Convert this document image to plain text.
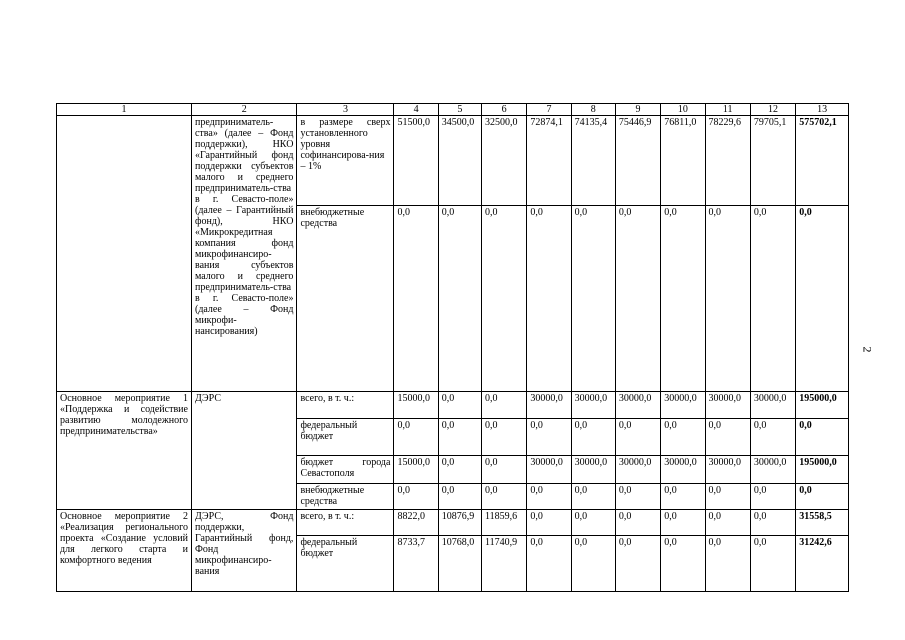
2
1	2	3	4	5	6	7	8	9	10	11	12	13
	предприниматель-ства» (далее – Фонд поддержки), НКО «Гарантийный фонд поддержки субъектов малого и среднего предприниматель-ства в г. Севасто-поле» (далее – Гарантийный фонд), НКО «Микрокредитная компания фонд микрофинансиро-вания субъектов малого и среднего предприниматель-ства в г. Севасто-поле» (далее – Фонд микрофи-нансирования)	в размере сверх установленного уровня софинансирова-ния – 1%	51500,0	34500,0	32500,0	72874,1	74135,4	75446,9	76811,0	78229,6	79705,1	575702,1
		внебюджетные средства	0,0	0,0	0,0	0,0	0,0	0,0	0,0	0,0	0,0	0,0
Основное мероприятие 1 «Поддержка и содействие развитию молодежного предпринимательства»	ДЭРС	всего, в т. ч.:	15000,0	0,0	0,0	30000,0	30000,0	30000,0	30000,0	30000,0	30000,0	195000,0
		федеральный бюджет	0,0	0,0	0,0	0,0	0,0	0,0	0,0	0,0	0,0	0,0
		бюджет города Севастополя	15000,0	0,0	0,0	30000,0	30000,0	30000,0	30000,0	30000,0	30000,0	195000,0
		внебюджетные средства	0,0	0,0	0,0	0,0	0,0	0,0	0,0	0,0	0,0	0,0
Основное мероприятие 2 «Реализация регионального проекта «Создание условий для легкого старта и комфортного ведения	ДЭРС, Фонд поддержки, Гарантийный фонд, Фонд микрофинансиро-вания	всего, в т. ч.:	8822,0	10876,9	11859,6	0,0	0,0	0,0	0,0	0,0	0,0	31558,5
		федеральный бюджет	8733,7	10768,0	11740,9	0,0	0,0	0,0	0,0	0,0	0,0	31242,6
